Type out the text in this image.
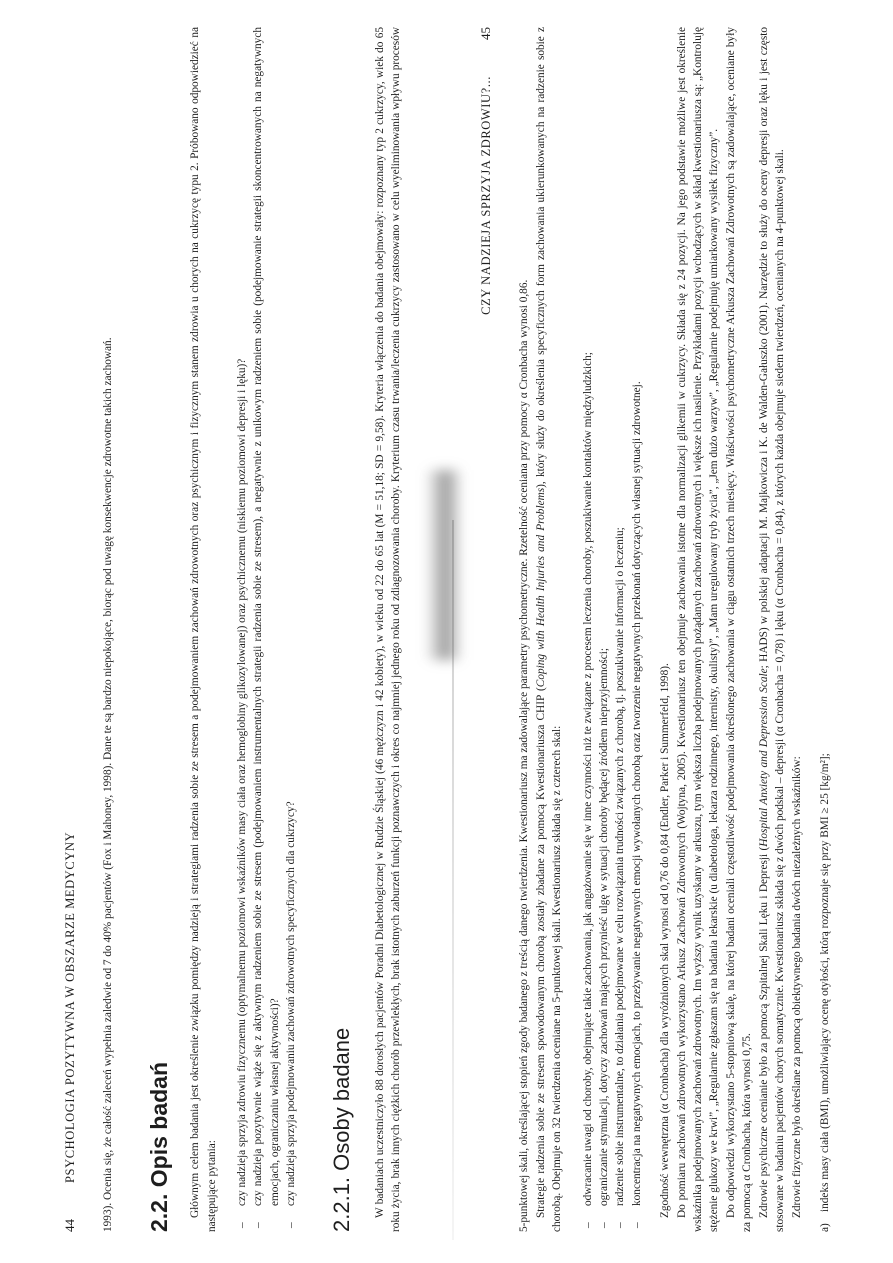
44
PSYCHOLOGIA POZYTYWNA W OBSZARZE MEDYCYNY 1993). Ocenia się, że całość zaleceń wypełnia zaledwie od 7 do 40% pacjentów (Fox i Mahoney, 1998). Dane te są bardzo niepokojące, biorąc pod uwagę konsekwencje zdrowotne takich zachowań. 2.2. Opis badań Głównym celem badania jest określenie związku pomiędzy nadzieją i strategiami radzenia sobie ze stresem a podejmowaniem zachowań zdrowotnych oraz psychicznym i fizycznym stanem zdrowia u chorych na cukrzycę typu 2. Próbowano odpowiedzieć na następujące pytania: – czy nadzieja sprzyja zdrowiu fizycznemu (optymalnemu poziomowi wskaźników masy ciała oraz hemoglobiny glikozylowanej) oraz psychicznemu (niskiemu poziomowi depresji i lęku)? – czy nadzieja pozytywnie wiąże się z aktywnym radzeniem sobie ze stresem (podejmowaniem instrumentalnych strategii radzenia sobie ze stresem), a negatywnie z unikowym radzeniem sobie (podejmowanie strategii skoncentrowanych na negatywnych emocjach, ograniczaniu własnej aktywności)? – czy nadzieja sprzyja podejmowaniu zachowań zdrowotnych specyficznych dla cukrzycy? 2.2.1. Osoby badane W badaniach uczestniczyło 88 dorosłych pacjentów Poradni Diabetologicznej w Rudzie Śląskiej (46 mężczyzn i 42 kobiety), w wieku od 22 do 65 lat (M = 51,18; SD = 9,58). Kryteria włączenia do badania obejmowały: rozpoznany typ 2 cukrzycy, wiek do 65 roku życia, brak innych ciężkich chorób przewlekłych, brak istotnych zaburzeń funkcji poznawczych i okres co najmniej jednego roku od zdiagnozowania choroby. Kryterium czasu trwania/leczenia cukrzycy zastosowano w celu wyeliminowania wpływu procesów	45
CZY NADZIEJA SPRZYJA ZDROWIU?...

5-punktowej skali, określającej stopień zgody badanego z treścią danego twierdzenia. Kwestionariusz ma zadowalające parametry psychometryczne. Rzetelność oceniana przy pomocy α Cronbacha wynosi 0,86. Strategie radzenia sobie ze stresem spowodowanym chorobą zostały zbadane za pomocą Kwestionariusza CHIP (Coping with Health Injuries and Problems), który służy do określenia specyficznych form zachowania ukierunkowanych na radzenie sobie z chorobą. Obejmuje on 32 twierdzenia oceniane na 5-punktowej skali. Kwestionariusz składa się z czterech skal: – odwracanie uwagi od choroby, obejmujące takie zachowania, jak angażowanie się w inne czynności niż te związane z procesem leczenia choroby, poszukiwanie kontaktów międzyludzkich; – ograniczanie stymulacji, dotyczy zachowań mających przynieść ulgę w sytuacji choroby będącej źródłem nieprzyjemności; – radzenie sobie instrumentalne, to działania podejmowane w celu rozwiązania trudności związanych z chorobą, tj. poszukiwanie informacji o leczeniu; – koncentracja na negatywnych emocjach, to przeżywanie negatywnych emocji wywołanych chorobą oraz tworzenie negatywnych przekonań dotyczących własnej sytuacji zdrowotnej. Zgodność wewnętrzna (α Cronbacha) dla wyróżnionych skal wynosi od 0,76 do 0,84 (Endler, Parker i Summerfeld, 1998). Do pomiaru zachowań zdrowotnych wykorzystano Arkusz Zachowań Zdrowotnych (Wojtyna, 2005). Kwestionariusz ten obejmuje zachowania istotne dla normalizacji glikemii w cukrzycy. Składa się z 24 pozycji. Na jego podstawie możliwe jest określenie wskaźnika podejmowanych zachowań zdrowotnych. Im wyższy wynik uzyskany w arkuszu, tym większa liczba podejmowanych pożądanych zachowań zdrowotnych i większe ich nasilenie. Przykładami pozycji wchodzących w skład kwestionariusza są: „Kontroluję stężenie glukozy we krwi”, „Regularnie zgłaszam się na badania lekarskie (u diabetologa, lekarza rodzinnego, internisty, okulisty)”, „Mam uregulowany tryb życia”, „Jem dużo warzyw”, „Regularnie podejmuję umiarkowany wysiłek fizyczny”. Do odpowiedzi wykorzystano 5-stopniową skalę, na której badani oceniali częstotliwość podejmowania określonego zachowania w ciągu ostatnich trzech miesięcy. Właściwości psychometryczne Arkusza Zachowań Zdrowotnych są zadowalające, oceniane były za pomocą α Cronbacha, która wynosi 0,75. Zdrowie psychiczne ocenianie było za pomocą Szpitalnej Skali Lęku i Depresji (Hospital Anxiety and Depression Scale; HADS) w polskiej adaptacji M. Majkowicza i K. de Walden-Gałuszko (2001). Narzędzie to służy do oceny depresji oraz lęku i jest często stosowane w badaniu pacjentów chorych somatycznie. Kwestionariusz składa się z dwóch podskal – depresji (α Cronbacha = 0,78) i lęku (α Cronbacha = 0,84), z których każda obejmuje siedem twierdzeń, ocenianych na 4-punktowej skali. Zdrowie fizyczne było określane za pomocą obiektywnego badania dwóch niezależnych wskaźników:

a)
indeks masy ciała (BMI), umożliwiający ocenę otyłości, którą rozpoznaje się przy BMI ≥ 25 [kg/m²];
